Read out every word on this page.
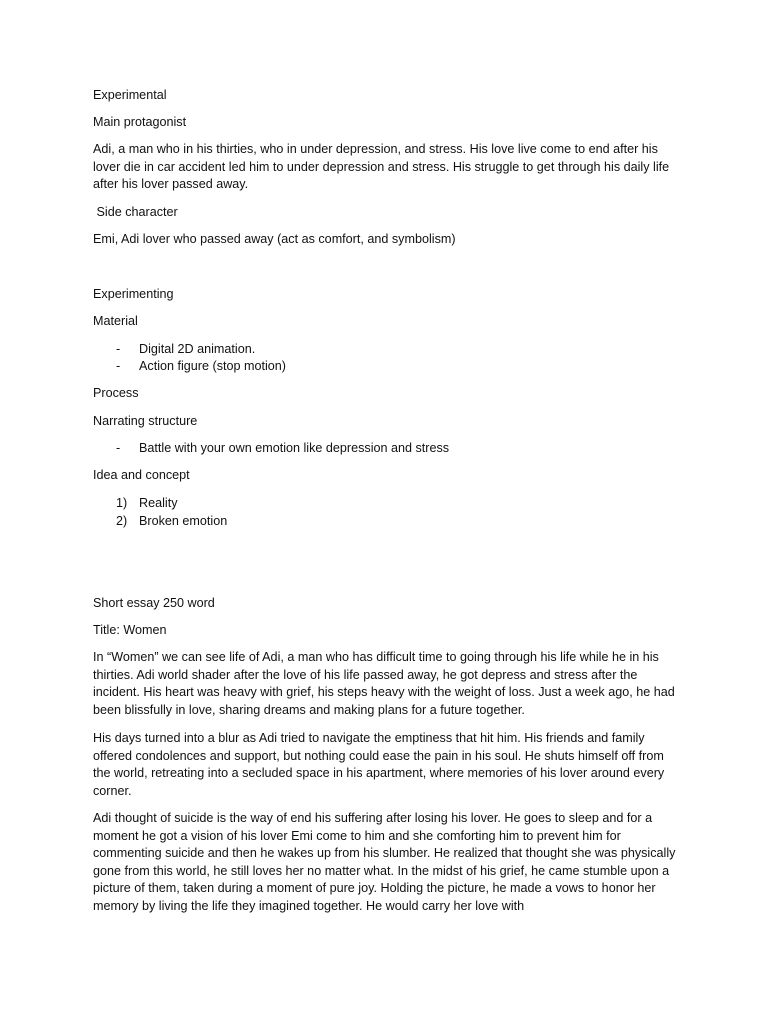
Experimental

Main protagonist

Adi, a man who in his thirties, who in under depression, and stress. His love live come to end after his lover die in car accident led him to under depression and stress. His struggle to get through his daily life after his lover passed away.

Side character

Emi, Adi lover who passed away (act as comfort, and symbolism)

Experimenting

Material

- Digital 2D animation.

- Action figure (stop motion)

Process

Narrating structure

- Battle with your own emotion like depression and stress

Idea and concept

1) Reality

2) Broken emotion

Short essay 250 word

Title: Women

In “Women” we can see life of Adi, a man who has difficult time to going through his life while he in his thirties. Adi world shader after the love of his life passed away, he got depress and stress after the incident. His heart was heavy with grief, his steps heavy with the weight of loss. Just a week ago, he had been blissfully in love, sharing dreams and making plans for a future together.

His days turned into a blur as Adi tried to navigate the emptiness that hit him. His friends and family offered condolences and support, but nothing could ease the pain in his soul. He shuts himself off from the world, retreating into a secluded space in his apartment, where memories of his lover around every corner.

Adi thought of suicide is the way of end his suffering after losing his lover. He goes to sleep and for a moment he got a vision of his lover Emi come to him and she comforting him to prevent him for commenting suicide and then he wakes up from his slumber. He realized that thought she was physically gone from this world, he still loves her no matter what. In the midst of his grief, he came stumble upon a picture of them, taken during a moment of pure joy. Holding the picture, he made a vows to honor her memory by living the life they imagined together. He would carry her love with
